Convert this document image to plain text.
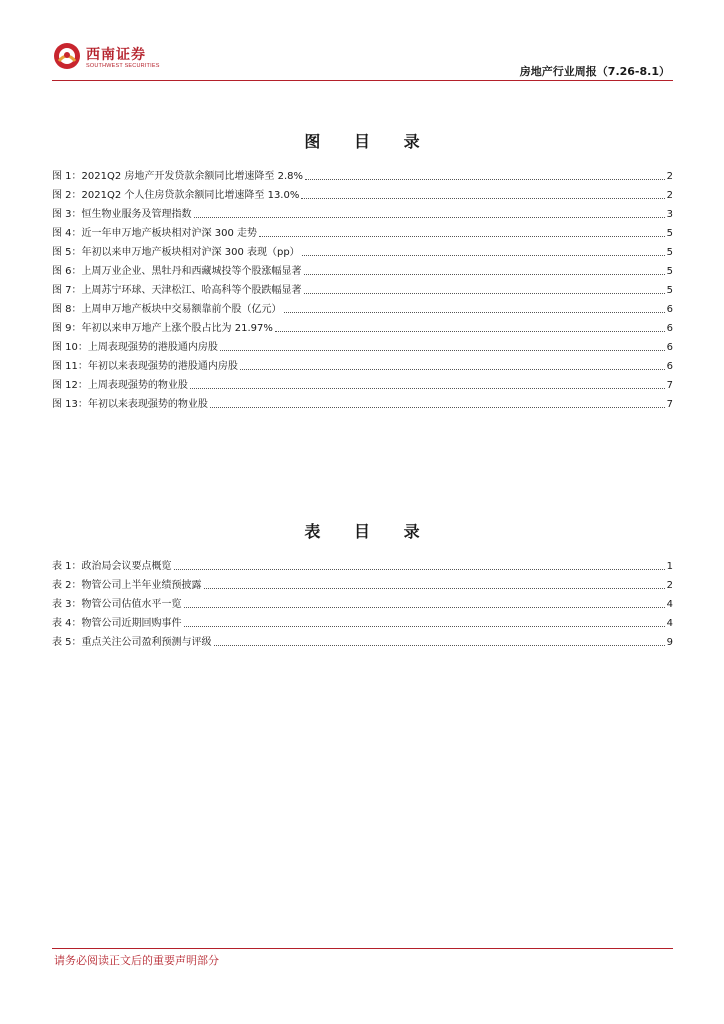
西南证券
SOUTHWEST SECURITIES	房地产行业周报（7.26-8.1）
图 目 录
图 1：2021Q2 房地产开发贷款余额同比增速降至 2.8%	2
图 2：2021Q2 个人住房贷款余额同比增速降至 13.0%	2
图 3：恒生物业服务及管理指数	3
图 4：近一年申万地产板块相对沪深 300 走势	5
图 5：年初以来申万地产板块相对沪深 300 表现（pp）	5
图 6：上周万业企业、黑牡丹和西藏城投等个股涨幅显著	5
图 7：上周苏宁环球、天津松江、哈高科等个股跌幅显著	5
图 8：上周申万地产板块中交易额靠前个股（亿元）	6
图 9：年初以来申万地产上涨个股占比为 21.97%	6
图 10：上周表现强势的港股通内房股	6
图 11：年初以来表现强势的港股通内房股	6
图 12：上周表现强势的物业股	7
图 13：年初以来表现强势的物业股	7
表 目 录
表 1：政治局会议要点概览	1
表 2：物管公司上半年业绩预披露	2
表 3：物管公司估值水平一览	4
表 4：物管公司近期回购事件	4
表 5：重点关注公司盈利预测与评级	9
请务必阅读正文后的重要声明部分
